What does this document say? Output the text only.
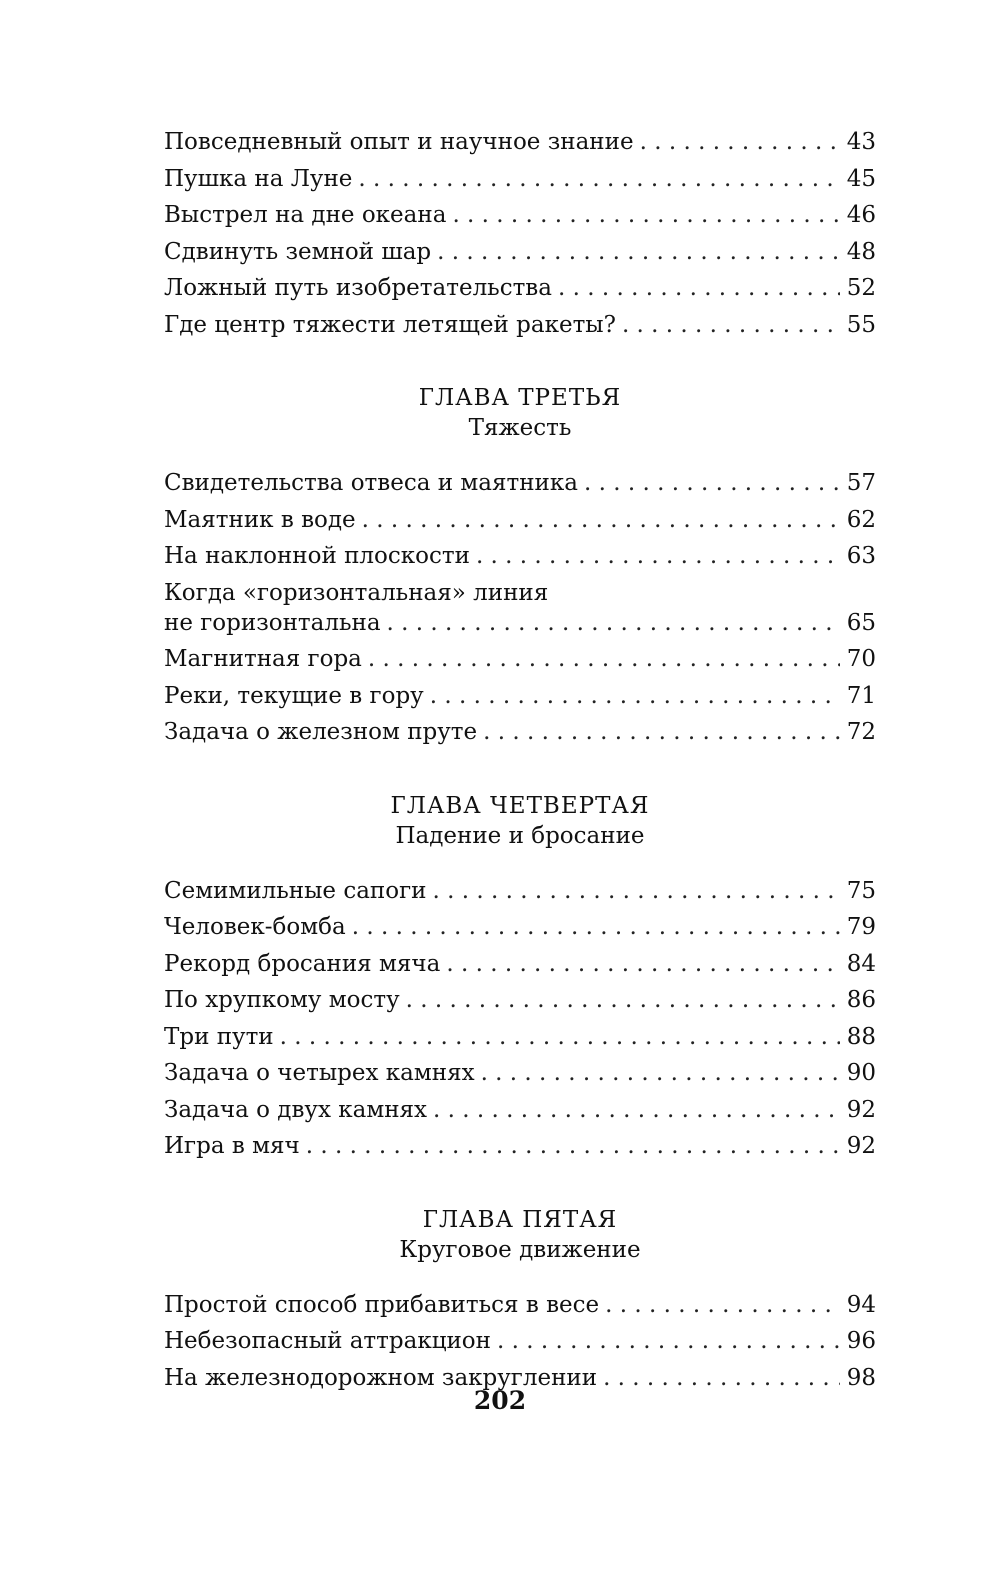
Повседневный опыт и научное знание . . .	43
Пушка на Луне . . .	45
Выстрел на дне океана . . .	46
Сдвинуть земной шар . . .	48
Ложный путь изобретательства . . .	52
Где центр тяжести летящей ракеты? . . .	55
ГЛАВА ТРЕТЬЯ
Тяжесть
Свидетельства отвеса и маятника . . .	57
Маятник в воде . . .	62
На наклонной плоскости . . .	63
Когда «горизонтальная» линия
не горизонтальна . . .	65
Магнитная гора . . .	70
Реки, текущие в гору . . .	71
Задача о железном пруте . . .	72
ГЛАВА ЧЕТВЕРТАЯ
Падение и бросание
Семимильные сапоги . . .	75
Человек-бомба . . .	79
Рекорд бросания мяча . . .	84
По хрупкому мосту . . .	86
Три пути . . .	88
Задача о четырех камнях . . .	90
Задача о двух камнях . . .	92
Игра в мяч . . .	92
ГЛАВА ПЯТАЯ
Круговое движение
Простой способ прибавиться в весе . . .	94
Небезопасный аттракцион . . .	96
На железнодорожном закруглении . . .	98
202
